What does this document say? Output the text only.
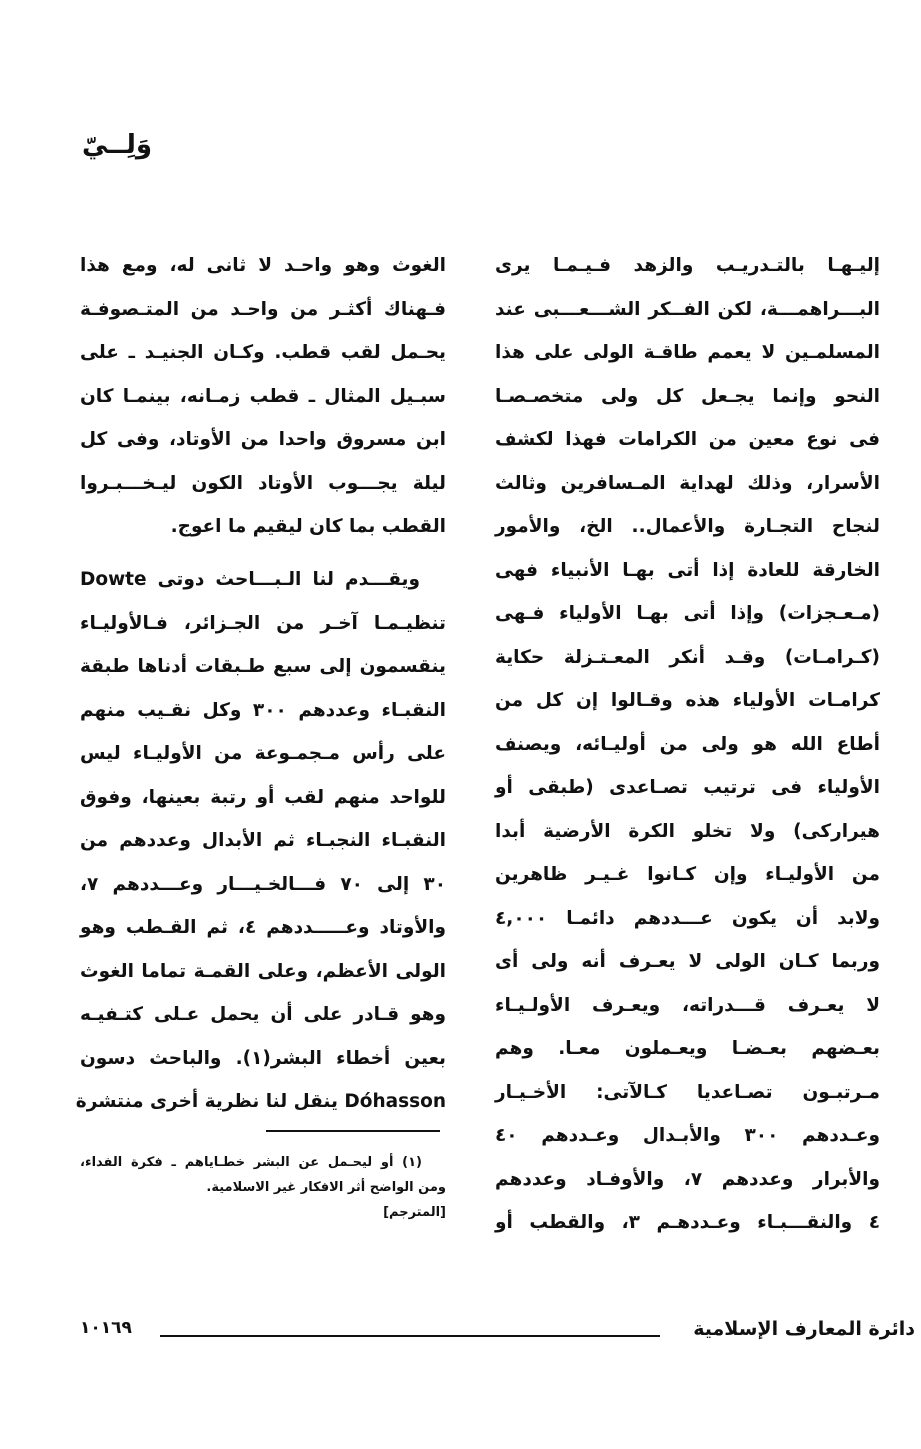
وَلِــيّ
إليـهـا بالتـدريـب والزهد فـيـمـا يرى
البـــراهمـــة، لكن الفــكر الشـــعـــبى عند
المسلمـين لا يعمم طاقـة الولى على هذا
النحو وإنما يجـعل كل ولى متخصـصـا
فى نوع معين من الكرامات فهذا لكشف
الأسرار، وذلك لهداية المـسافرين وثالث
لنجاح التجـارة والأعمال.. الخ، والأمور
الخارقة للعادة إذا أتى بهـا الأنبياء فهى
(مـعـجزات) وإذا أتى بهـا الأولياء فـهى
(كـرامـات) وقـد أنكر المعـتـزلة حكاية
كرامـات الأولياء هذه وقـالوا إن كل من
أطاع الله هو ولى من أوليـائه، ويصنف
الأولياء فى ترتيب تصـاعدى (طبقى أو
هيراركى) ولا تخلو الكرة الأرضية أبدا
من الأوليـاء وإن كـانوا غـيـر ظاهرين
ولابد أن يكون عـــددهم دائمـا ٤,٠٠٠
وربما كـان الولى لا يعـرف أنه ولى أى
لا يعـرف قـــدراته، ويعـرف الأولـيـاء
بعـضهم بعـضـا ويعـملون معـا. وهم
مـرتبـون تصـاعديا كـالآتى: الأخـيـار
وعـددهم ٣٠٠ والأبـدال وعـددهم ٤٠
والأبرار وعددهم ٧، والأوفـاد وعددهم
٤ والنقـــبـاء وعـددهـم ٣، والقطب أو
الغوث وهو واحـد لا ثانى له، ومع هذا
فـهناك أكثـر من واحـد من المتـصوفـة
يحـمل لقب قطب. وكـان الجنيـد ـ على
سبـيل المثال ـ قطب زمـانه، بينمـا كان
ابن مسروق واحدا من الأوتاد، وفى كل
ليلة يجـــوب الأوتاد الكون ليـخـــبـروا
القطب بما كان ليقيم ما اعوج.
ويقـــدم لنا الـبـــاحث دوتى Dowte
تنظيـمـا آخـر من الجـزائر، فـالأوليـاء
ينقسمون إلى سبع طـبقات أدناها طبقة
النقبـاء وعددهم ٣٠٠ وكل نقـيب منهم
على رأس مـجمـوعة من الأوليـاء ليس
للواحد منهم لقب أو رتبة بعينها، وفوق
النقبـاء النجبـاء ثم الأبدال وعددهم من
٣٠ إلى ٧٠ فـــالخـيـــار وعـــددهم ٧،
والأوتاد وعـــــددهم ٤، ثم القـطب وهو
الولى الأعظم، وعلى القمـة تماما الغوث
وهو قـادر على أن يحمل عـلى كتـفيـه
بعين أخطاء البشر(١). والباحث دسون
Dóhasson ينقل لنا نظرية أخرى منتشرة
(١) أو ليحـمل عن البشر خطـاياهم ـ فكرة الفداء،
ومن الواضح أثر الافكار غير الاسلامية.
[المترجم]
دائرة المعارف الإسلامية
١٠١٦٩
